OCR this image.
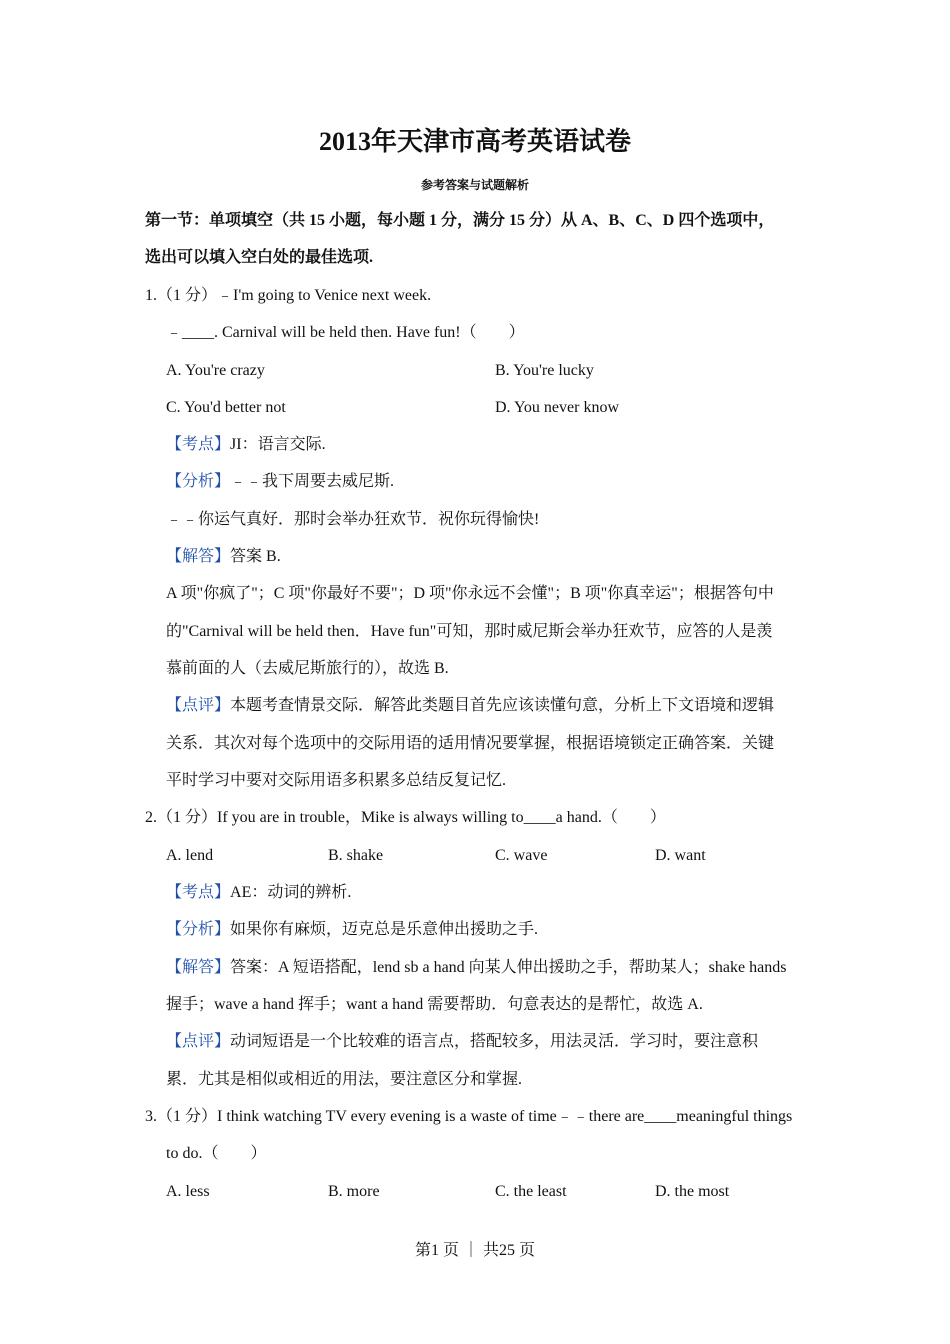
2013年天津市高考英语试卷
参考答案与试题解析
第一节：单项填空（共 15 小题，每小题 1 分，满分 15 分）从 A、B、C、D 四个选项中，
选出可以填入空白处的最佳选项.
1.（1 分）﹣I'm going to Venice next week.
﹣____. Carnival will be held then. Have fun!（　　）
A. You're crazy	B. You're lucky
C. You'd better not	D. You never know
【考点】JI：语言交际.
【分析】﹣﹣我下周要去威尼斯.
﹣﹣你运气真好．那时会举办狂欢节．祝你玩得愉快!
【解答】答案 B.
A 项"你疯了"；C 项"你最好不要"；D 项"你永远不会懂"；B 项"你真幸运"；根据答句中
的"Carnival will be held then．Have fun"可知，那时威尼斯会举办狂欢节，应答的人是羡
慕前面的人（去威尼斯旅行的），故选 B.
【点评】本题考查情景交际．解答此类题目首先应该读懂句意，分析上下文语境和逻辑
关系．其次对每个选项中的交际用语的适用情况要掌握，根据语境锁定正确答案．关键
平时学习中要对交际用语多积累多总结反复记忆.
2.（1 分）If you are in trouble，Mike is always willing to____a hand.（　　）
A. lend	B. shake	C. wave	D. want
【考点】AE：动词的辨析.
【分析】如果你有麻烦，迈克总是乐意伸出援助之手.
【解答】答案：A 短语搭配，lend sb a hand 向某人伸出援助之手，帮助某人；shake hands
握手；wave a hand 挥手；want a hand 需要帮助．句意表达的是帮忙，故选 A.
【点评】动词短语是一个比较难的语言点，搭配较多，用法灵活．学习时，要注意积
累．尤其是相似或相近的用法，要注意区分和掌握.
3.（1 分）I think watching TV every evening is a waste of time﹣﹣there are____meaningful things
to do.（　　）
A. less	B. more	C. the least	D. the most
第1 页 ｜ 共25 页
